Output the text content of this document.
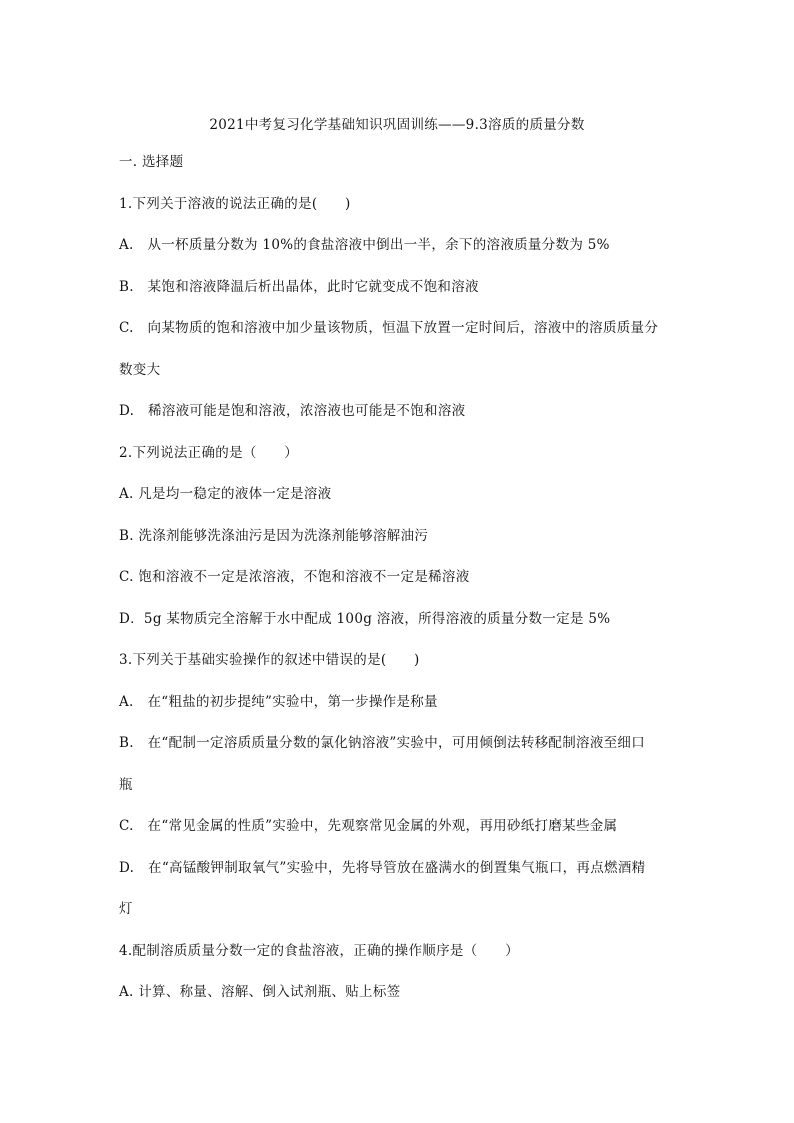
2021中考复习化学基础知识巩固训练——9.3溶质的质量分数
一. 选择题
1.下列关于溶液的说法正确的是(　　)
A.　从一杯质量分数为 10%的食盐溶液中倒出一半，余下的溶液质量分数为 5%
B.　某饱和溶液降温后析出晶体，此时它就变成不饱和溶液
C.　向某物质的饱和溶液中加少量该物质，恒温下放置一定时间后，溶液中的溶质质量分
数变大
D.　稀溶液可能是饱和溶液，浓溶液也可能是不饱和溶液
2.下列说法正确的是（　　）
A. 凡是均一稳定的液体一定是溶液
B. 洗涤剂能够洗涤油污是因为洗涤剂能够溶解油污
C. 饱和溶液不一定是浓溶液，不饱和溶液不一定是稀溶液
D．5g 某物质完全溶解于水中配成 100g 溶液，所得溶液的质量分数一定是 5%
3.下列关于基础实验操作的叙述中错误的是(　　)
A.　在“粗盐的初步提纯”实验中，第一步操作是称量
B.　在“配制一定溶质质量分数的氯化钠溶液”实验中，可用倾倒法转移配制溶液至细口
瓶
C.　在“常见金属的性质”实验中，先观察常见金属的外观，再用砂纸打磨某些金属
D.　在“高锰酸钾制取氧气”实验中，先将导管放在盛满水的倒置集气瓶口，再点燃酒精
灯
4.配制溶质质量分数一定的食盐溶液，正确的操作顺序是（　　）
A. 计算、称量、溶解、倒入试剂瓶、贴上标签
